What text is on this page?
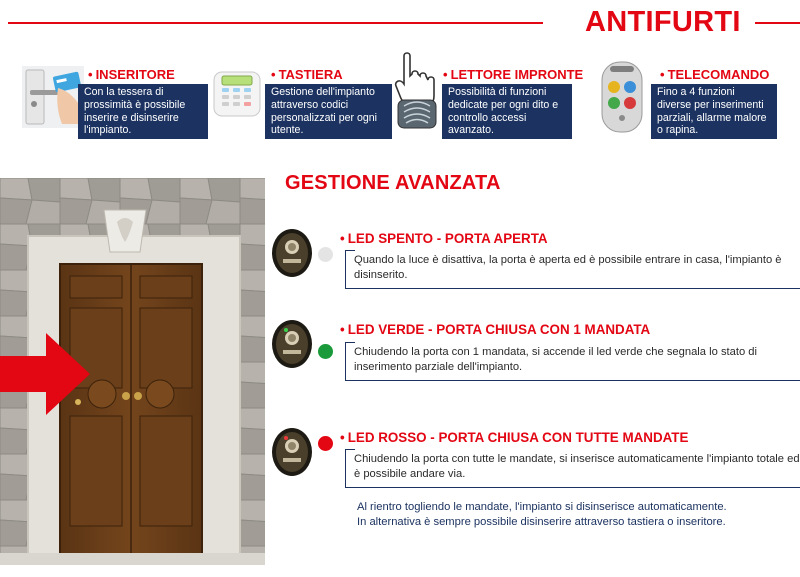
ANTIFURTI
• INSERITORE
Con la tessera di prossimità è possibile inserire e disinserire l'impianto.
• TASTIERA
Gestione dell'impianto attraverso codici personalizzati per ogni utente.
• LETTORE IMPRONTE
Possibilità di funzioni dedicate per ogni dito e controllo accessi avanzato.
• TELECOMANDO
Fino a 4 funzioni diverse per inserimenti parziali, allarme malore o rapina.
GESTIONE AVANZATA
• LED SPENTO - PORTA APERTA
Quando la luce è disattiva, la porta è aperta ed è possibile entrare in casa, l'impianto è disinserito.
• LED VERDE - PORTA CHIUSA CON 1 MANDATA
Chiudendo la porta con 1 mandata, si accende il led verde che segnala lo stato di inserimento parziale dell'impianto.
• LED ROSSO - PORTA CHIUSA CON TUTTE MANDATE
Chiudendo la porta con tutte le mandate, si inserisce automaticamente l'impianto totale ed è possibile andare via.
Al rientro togliendo le mandate, l'impianto si disinserisce automaticamente.
In alternativa è sempre possibile disinserire attraverso tastiera o inseritore.
